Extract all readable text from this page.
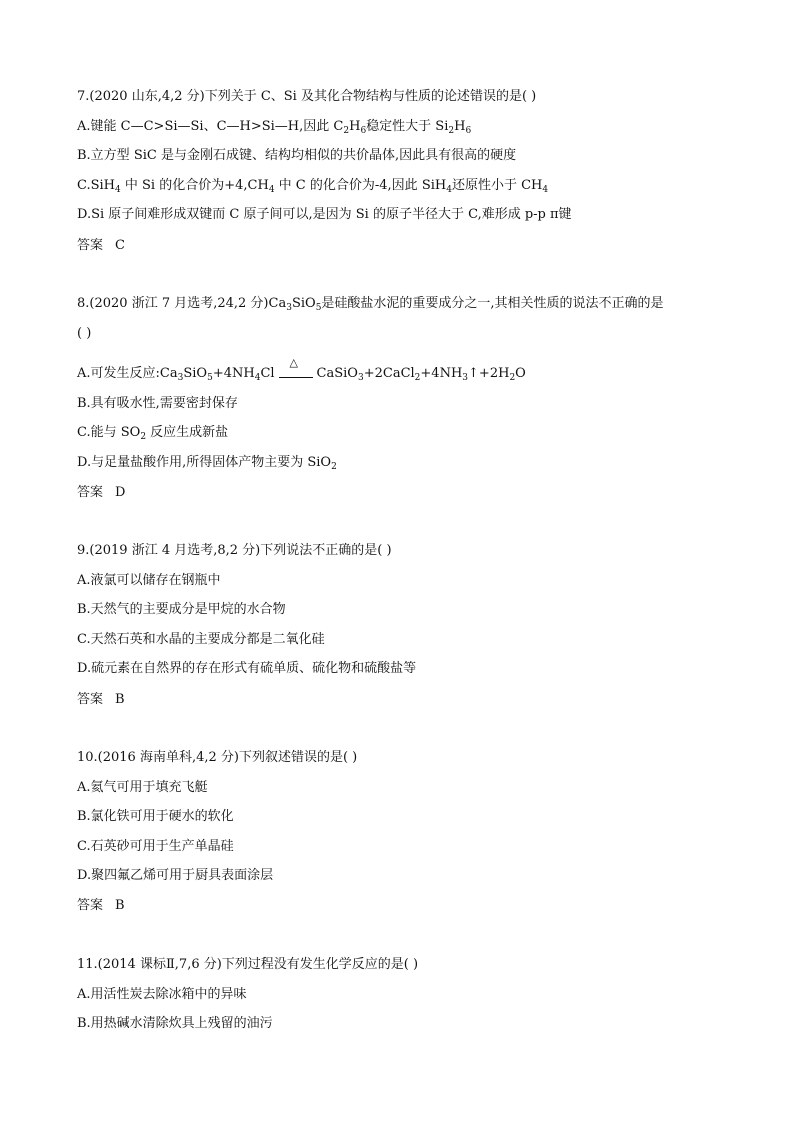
7.(2020 山东,4,2 分)下列关于 C、Si 及其化合物结构与性质的论述错误的是( )
A.键能 C—C>Si—Si、C—H>Si—H,因此 $C_2H_6$稳定性大于 $Si_2H_6$
B.立方型 SiC 是与金刚石成键、结构均相似的共价晶体,因此具有很高的硬度
C.SiH$_4$ 中 Si 的化合价为$+4,CH_4$ 中 C 的化合价为-4,因此 SiH$_4$还原性小于 $CH_4$
D.Si 原子间难形成双键而 C 原子间可以,是因为 Si 的原子半径大于 C,难形成 p-p π键
答案 C
8.(2020 浙江 7 月选考,24,2 分)$Ca_3SiO_5$是硅酸盐水泥的重要成分之一,其相关性质的说法不正确的是
( )
A.可发生反应$:Ca_3SiO_5+4NH_4Cl$
△
$CaSiO_3+2CaCl_2+4NH_3↑+2H_2O$
B.具有吸水性,需要密封保存
C.能与 $SO_2$ 反应生成新盐
D.与足量盐酸作用,所得固体产物主要为 SiO$_2$
答案 D
9.(2019 浙江 4 月选考,8,2 分)下列说法不正确的是( )
A.液氯可以储存在钢瓶中
B.天然气的主要成分是甲烷的水合物
C.天然石英和水晶的主要成分都是二氧化硅
D.硫元素在自然界的存在形式有硫单质、硫化物和硫酸盐等
答案 B
10.(2016 海南单科,4,2 分)下列叙述错误的是( )
A.氦气可用于填充飞艇
B.氯化铁可用于硬水的软化
C.石英砂可用于生产单晶硅
D.聚四氟乙烯可用于厨具表面涂层
答案 B
11.(2014 课标Ⅱ,7,6 分)下列过程没有发生化学反应的是( )
A.用活性炭去除冰箱中的异味
B.用热碱水清除炊具上残留的油污
